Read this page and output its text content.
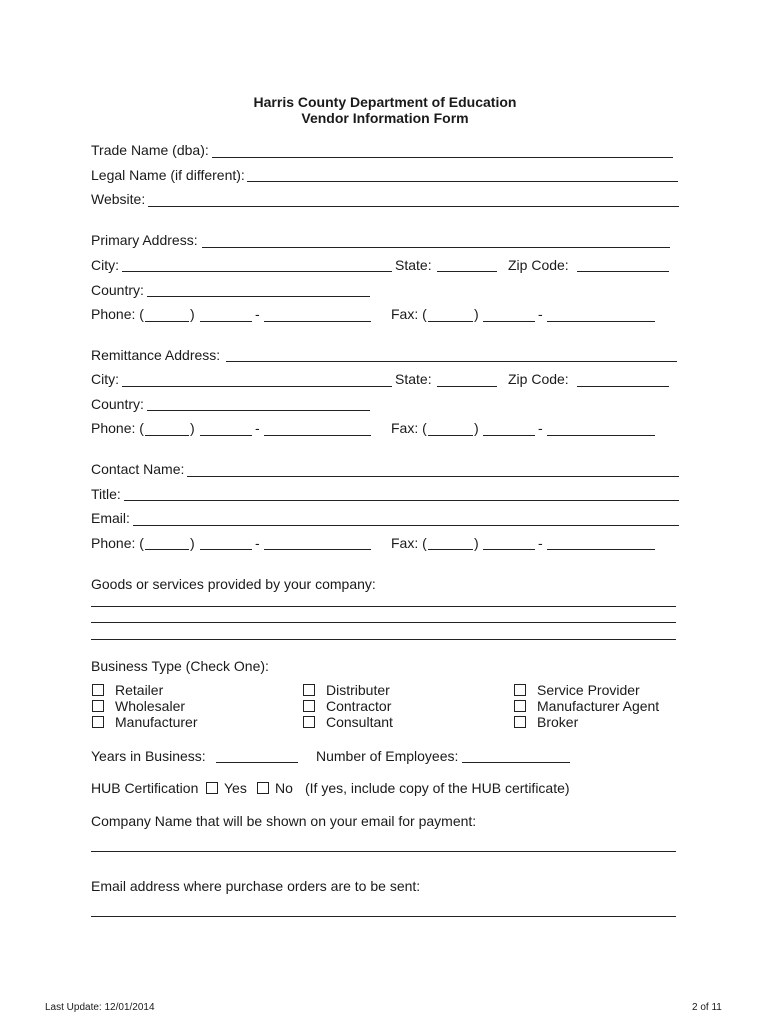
Harris County Department of Education
Vendor Information Form
Trade Name (dba):
Legal Name (if different):
Website:
Primary Address:
City:	State:	Zip Code:
Country:
Phone: (	)	-	Fax: (	)	-
Remittance Address:
City:	State:	Zip Code:
Country:
Phone: (	)	-	Fax: (	)	-
Contact Name:
Title:
Email:
Phone: (	)	-	Fax: (	)	-
Goods or services provided by your company:
Business Type (Check One):
Retailer
Wholesaler
Manufacturer
Distributer
Contractor
Consultant
Service Provider
Manufacturer Agent
Broker
Years in Business:	Number of Employees:
HUB Certification Yes No (If yes, include copy of the HUB certificate)
Company Name that will be shown on your email for payment:
Email address where purchase orders are to be sent:
Last Update: 12/01/2014	2 of 11
